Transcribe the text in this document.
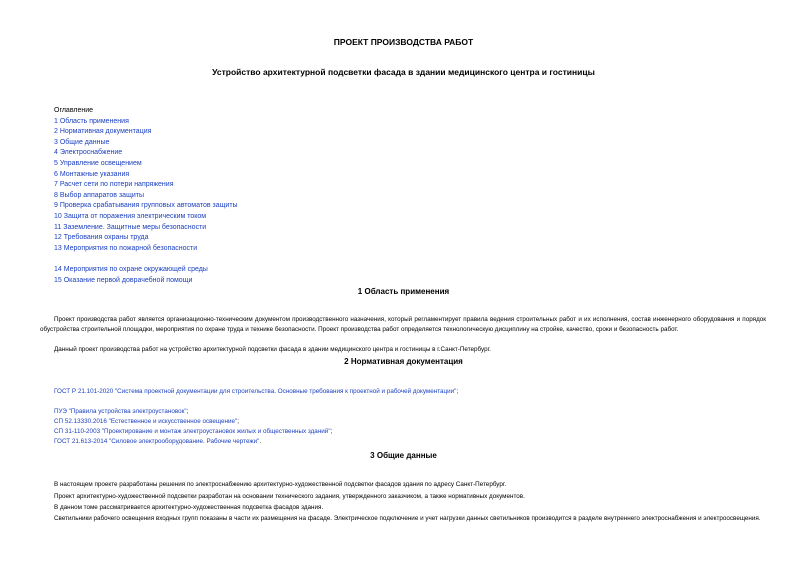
ПРОЕКТ ПРОИЗВОДСТВА РАБОТ
Устройство архитектурной подсветки фасада в здании медицинского центра и гостиницы
Оглавление
1 Область применения
2 Нормативная документация
3 Общие данные
4 Электроснабжение
5 Управление освещением
6 Монтажные указания
7 Расчет сети по потери напряжения
8 Выбор аппаратов защиты
9 Проверка срабатывания групповых автоматов защиты
10 Защита от поражения электрическим током
11 Заземление. Защитные меры безопасности
12 Требования охраны труда
13 Мероприятия по пожарной безопасности
14 Мероприятия по охране окружающей среды
15 Оказание первой доврачебной помощи
1 Область применения
Проект производства работ является организационно-техническим документом производственного назначения, который регламентирует правила ведения строительных работ и их исполнения, состав инженерного оборудования и порядок обустройства строительной площадки, мероприятия по охране труда и технике безопасности. Проект производства работ определяется технологическую дисциплину на стройке, качество, сроки и безопасность работ.
Данный проект производства работ на устройство архитектурной подсветки фасада в здании медицинского центра и гостиницы в г.Санкт-Петербург.
2 Нормативная документация
ГОСТ Р 21.101-2020 "Система проектной документации для строительства. Основные требования к проектной и рабочей документации";
ПУЭ "Правила устройства электроустановок";
СП 52.13330.2016 "Естественное и искусственное освещение";
СП 31-110-2003 "Проектирование и монтаж электроустановок жилых и общественных зданий";
ГОСТ 21.613-2014 "Силовое электрооборудование. Рабочие чертежи".
3 Общие данные
В настоящем проекте разработаны решения по электроснабжению архитектурно-художественной подсветки фасадов здания по адресу Санкт-Петербург.
Проект архитектурно-художественной подсветки разработан на основании технического задания, утвержденного заказчиком, а также нормативных документов.
В данном томе рассматривается архитектурно-художественная подсветка фасадов здания.
Светильники рабочего освещения входных групп показаны в части их размещения на фасаде. Электрическое подключение и учет нагрузки данных светильников производится в разделе внутреннего электроснабжения и электроосвещения.
